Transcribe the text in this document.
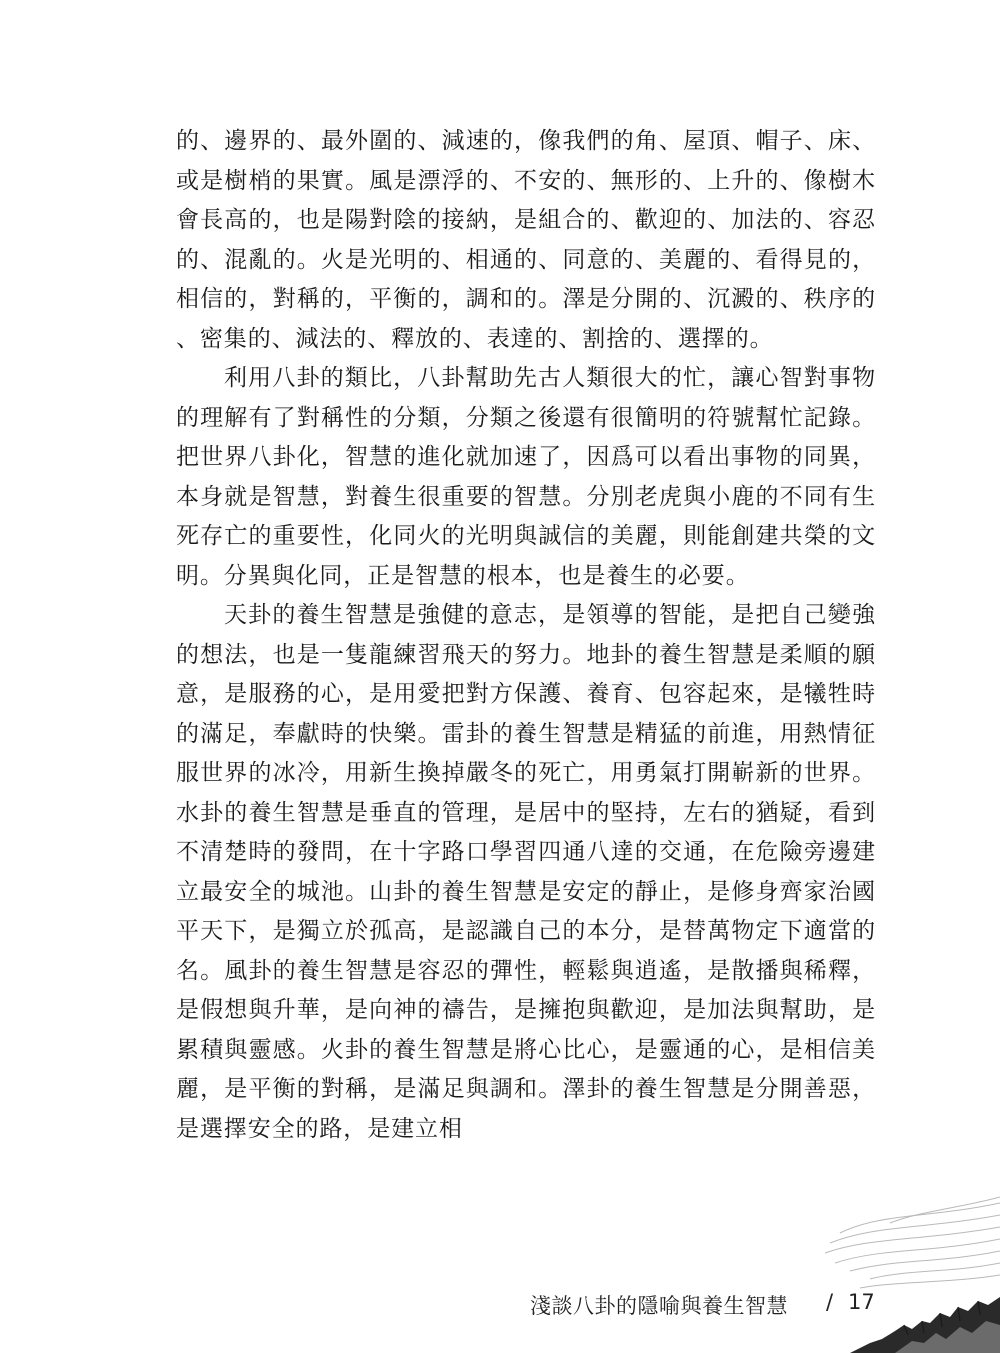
的、邊界的、最外圍的、減速的，像我們的角、屋頂、帽子、床、或是樹梢的果實。風是漂浮的、不安的、無形的、上升的、像樹木會長高的，也是陽對陰的接納，是組合的、歡迎的、加法的、容忍的、混亂的。火是光明的、相通的、同意的、美麗的、看得見的，相信的，對稱的，平衡的，調和的。澤是分開的、沉澱的、秩序的、密集的、減法的、釋放的、表達的、割捨的、選擇的。

利用八卦的類比，八卦幫助先古人類很大的忙，讓心智對事物的理解有了對稱性的分類，分類之後還有很簡明的符號幫忙記錄。把世界八卦化，智慧的進化就加速了，因爲可以看出事物的同異，本身就是智慧，對養生很重要的智慧。分別老虎與小鹿的不同有生死存亡的重要性，化同火的光明與誠信的美麗，則能創建共榮的文明。分異與化同，正是智慧的根本，也是養生的必要。

天卦的養生智慧是強健的意志，是領導的智能，是把自己變強的想法，也是一隻龍練習飛天的努力。地卦的養生智慧是柔順的願意，是服務的心，是用愛把對方保護、養育、包容起來，是犧牲時的滿足，奉獻時的快樂。雷卦的養生智慧是精猛的前進，用熱情征服世界的冰冷，用新生換掉嚴冬的死亡，用勇氣打開嶄新的世界。水卦的養生智慧是垂直的管理，是居中的堅持，左右的猶疑，看到不清楚時的發問，在十字路口學習四通八達的交通，在危險旁邊建立最安全的城池。山卦的養生智慧是安定的靜止，是修身齊家治國平天下，是獨立於孤高，是認識自己的本分，是替萬物定下適當的名。風卦的養生智慧是容忍的彈性，輕鬆與逍遙，是散播與稀釋，是假想與升華，是向神的禱告，是擁抱與歡迎，是加法與幫助，是累積與靈感。火卦的養生智慧是將心比心，是靈通的心，是相信美麗，是平衡的對稱，是滿足與調和。澤卦的養生智慧是分開善惡，是選擇安全的路，是建立相

淺談八卦的隱喻與養生智慧 / 17
